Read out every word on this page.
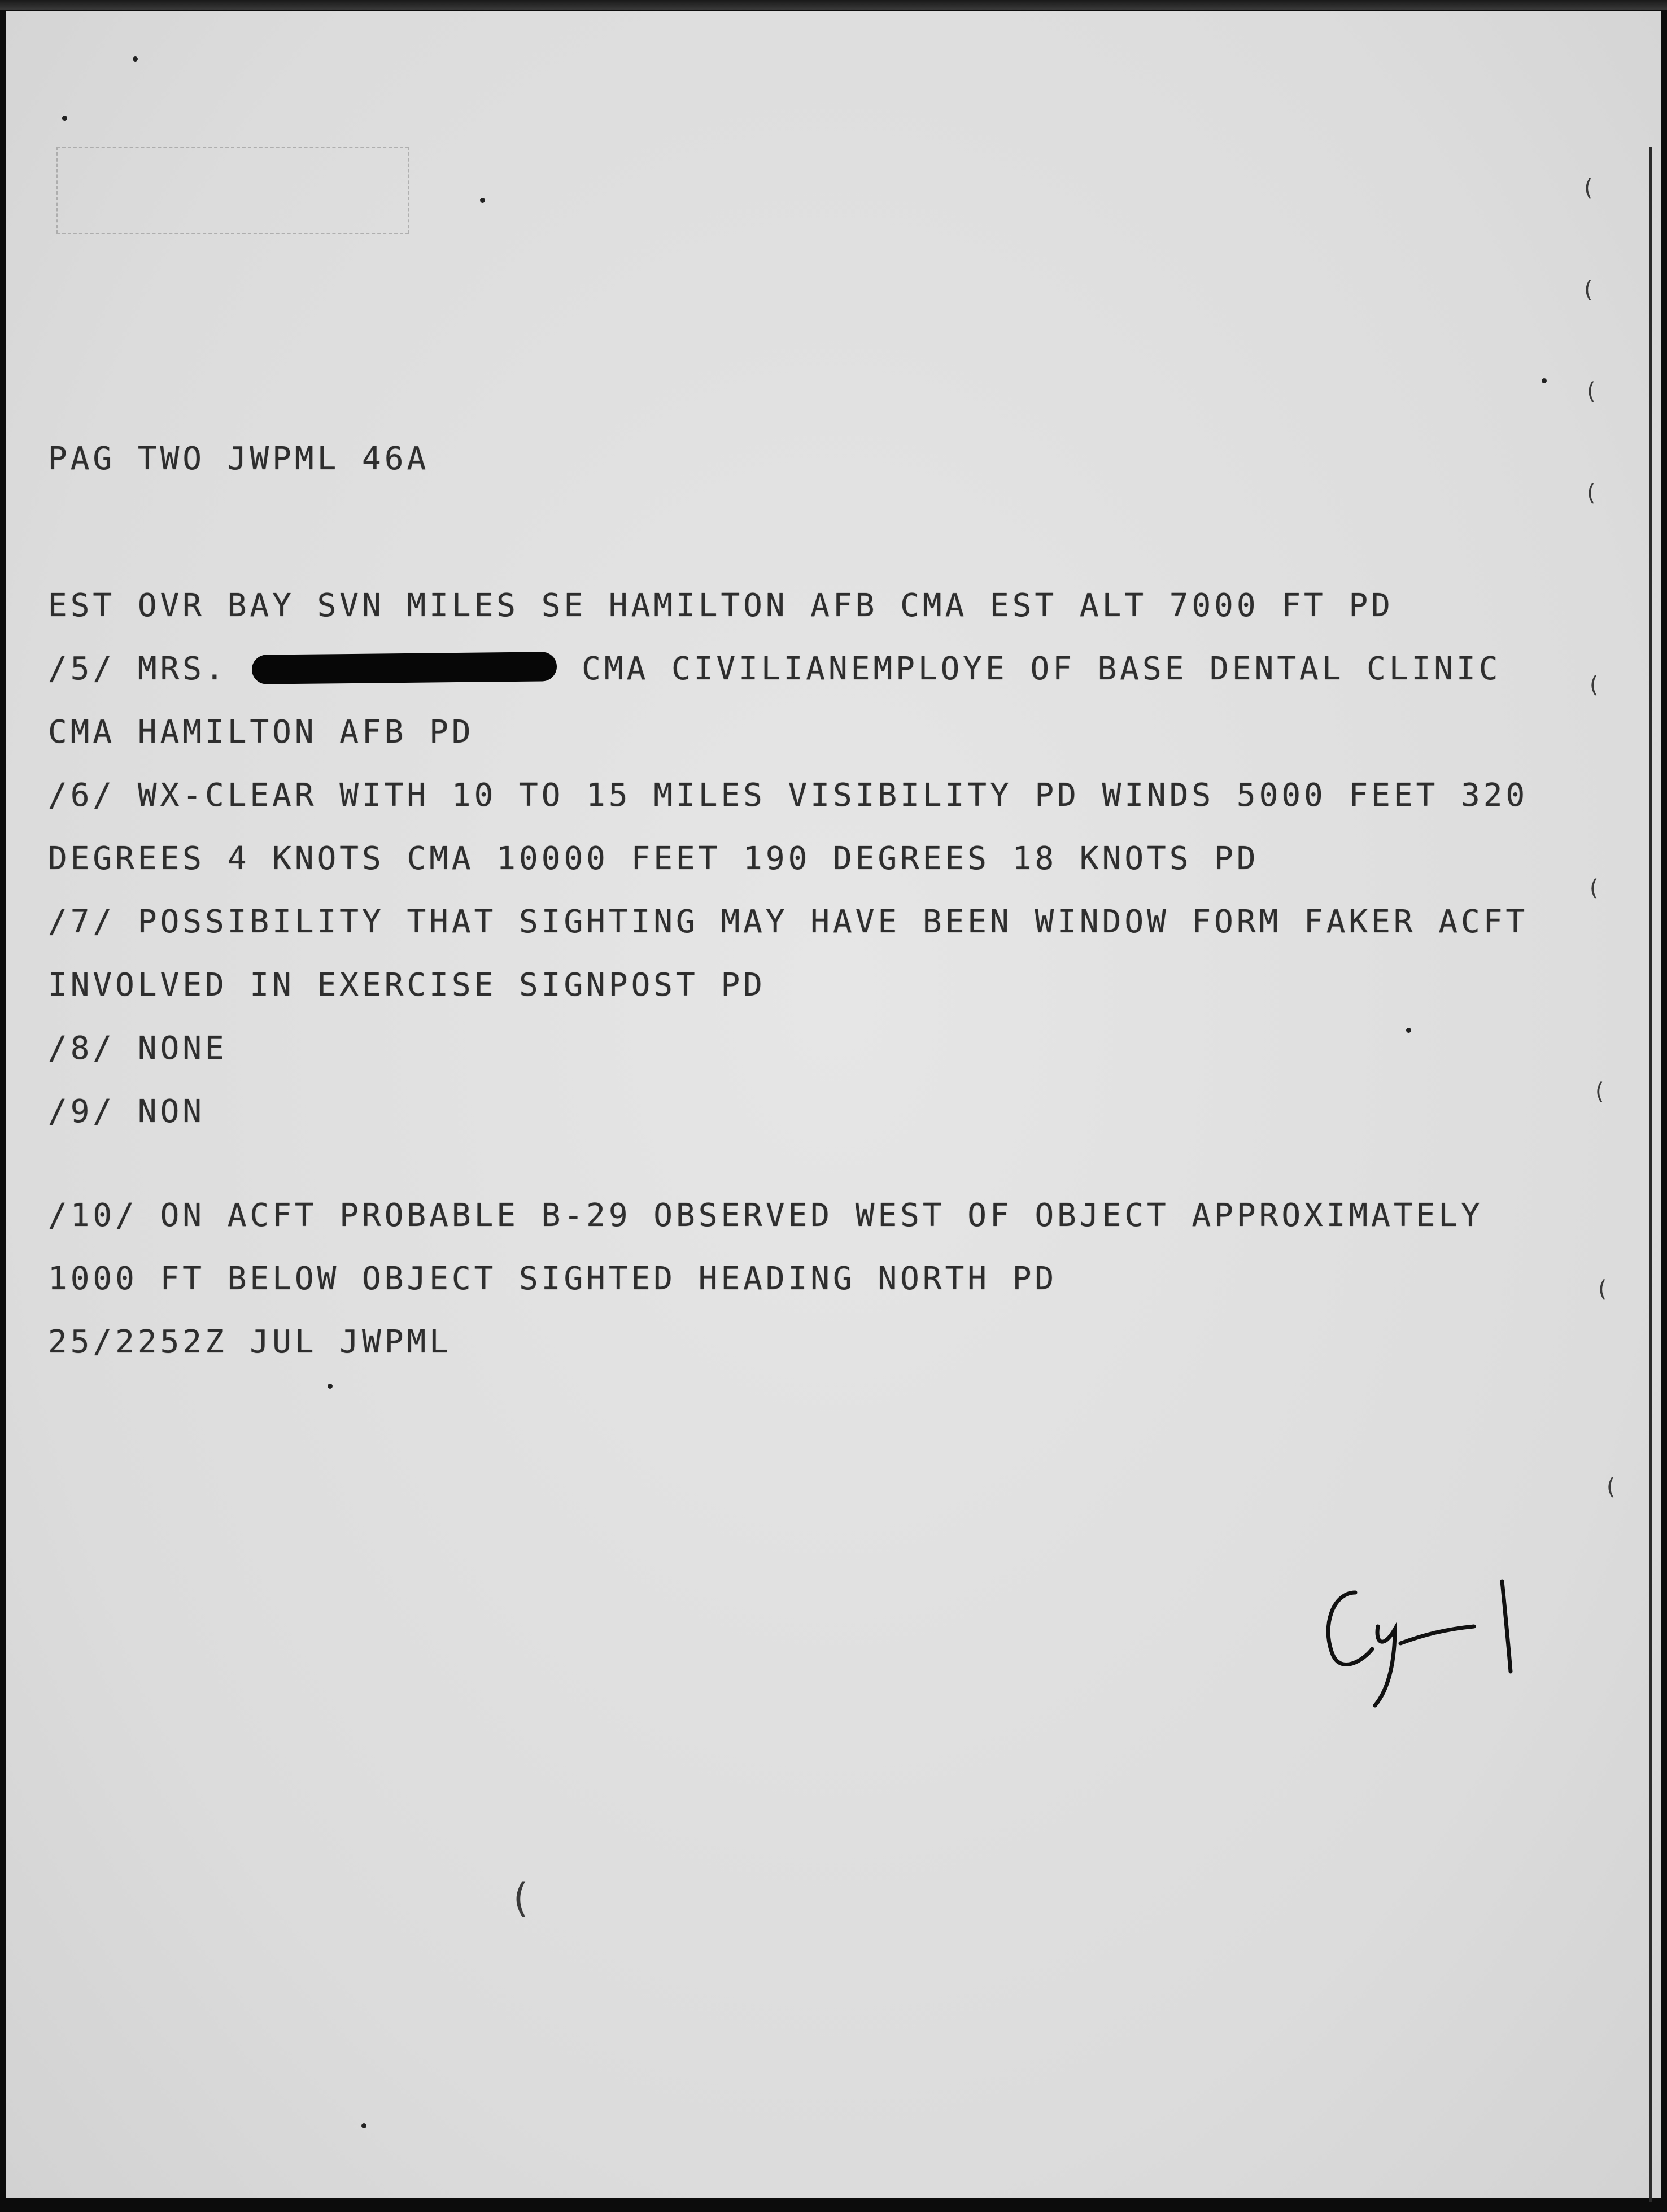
PAG TWO JWPML 46A

EST OVR BAY SVN MILES SE HAMILTON AFB CMA EST ALT 7000 FT PD

/5/ MRS.	CMA CIVILIANEMPLOYE OF BASE DENTAL CLINIC

CMA HAMILTON AFB PD

/6/ WX-CLEAR WITH 10 TO 15 MILES VISIBILITY PD WINDS 5000 FEET 320

DEGREES 4 KNOTS CMA 10000 FEET 190 DEGREES 18 KNOTS PD

/7/ POSSIBILITY THAT SIGHTING MAY HAVE BEEN WINDOW FORM FAKER ACFT

INVOLVED IN EXERCISE SIGNPOST PD

/8/ NONE

/9/ NON

/10/ ON ACFT PROBABLE B-29 OBSERVED WEST OF OBJECT APPROXIMATELY

1000 FT BELOW OBJECT SIGHTED HEADING NORTH PD

25/2252Z JUL JWPML

(
(
(
(
(
(
(
(
(
(
